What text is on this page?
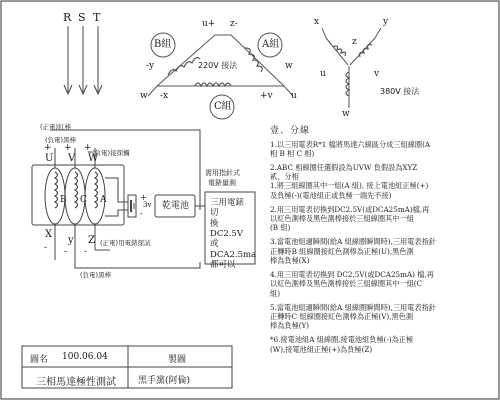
B組	A組
C組
u+ z-
-y	w
-x	+v
w	u
220V 接法
x	y
z
u	v
w
380V 接法
R S T
(正電)紅棒
(負電)黑棒
(負電)接探觸
U V W
+ + +
B C A
X
y Z
- - -
(正電)用電錶探試
(負電)黑棒
乾電池
+
-
3v
需用指針式
電錶量測
三用電錶
切
換
DC2.5V
或
DCA2.5ma
都可以
壹、分線
1.以三用電表R*1 檔將馬達六線區分成三組線圈(A
相 B 相 C 相)
2.ABC 相線圈任選假設為UVW 負假設為XYZ
貳、分相
1.將三組線圈其中一組(A 組), 接上電池組正極(+)
及負極(-)(電池組正或負極一端先不接)
2.用三用電表切換到DC2.5V(或DCA25mA)檔,再
以紅色測棒及黑色測棒接於三組線圈其中一組
(B 組)
3.當電池組適瞬間(給A 組線圈瞬間時),三用電表指針
正轉時B 組線圈接紅色測棒為正極(U),黑色測
棒為負極(X)
4.用三用電表切換到 DC2.5V(或DCA25mA) 檔,再
以紅色測棒及黑色測棒接於三組線圈其中一組(C
組)
5.當電池組適瞬間(給A 組線圈瞬間時),三用電表指針
正轉時C 組線圈接紅色測棒為正極(V),黑色測
棒為負極(Y)
*6.接電池組A 組線圈,接電池組負極(-)為正極
(W),接電池組正極(+)為負極(Z)
圖名 100.06.04	製圖
三相馬達極性測試 黑手黨(阿倫)
